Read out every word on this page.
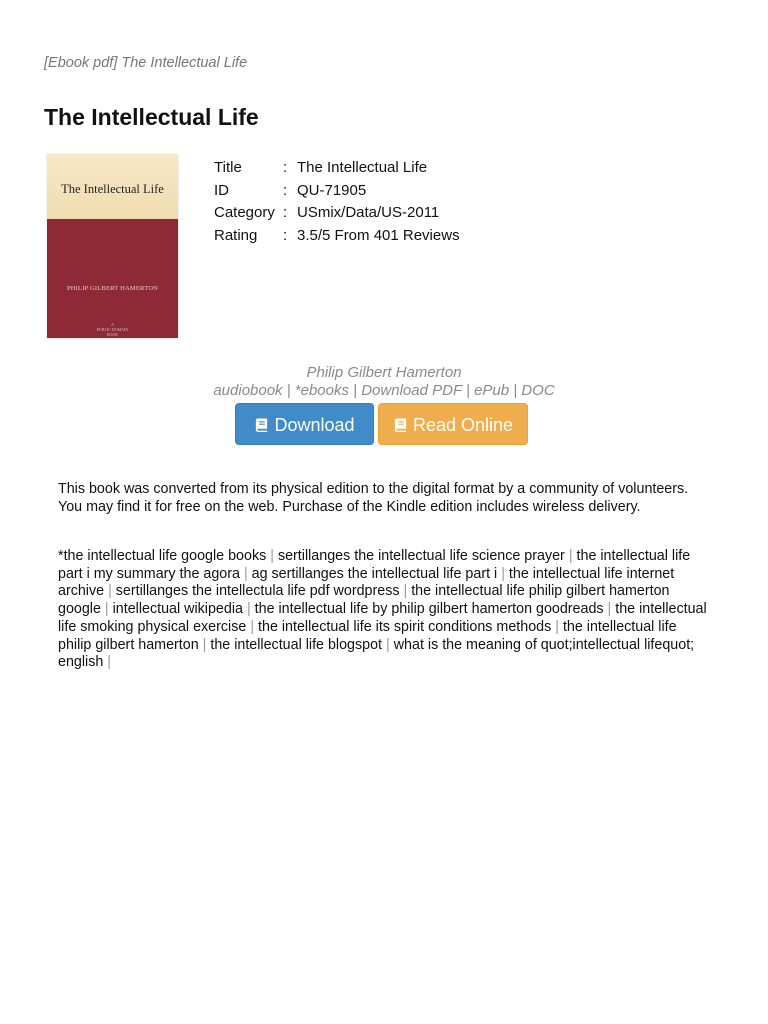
[Ebook pdf] The Intellectual Life
The Intellectual Life
The Intellectual Life
PHILIP GILBERT HAMERTON
A
PUBLIC DOMAIN
BOOK
Title	:	The Intellectual Life
ID	:	QU-71905
Category	:	USmix/Data/US-2011
Rating	:	3.5/5 From 401 Reviews
Philip Gilbert Hamerton
audiobook | *ebooks | Download PDF | ePub | DOC
Download	Read Online

This book was converted from its physical edition to the digital format by a community of volunteers. You may find it for free on the web. Purchase of the Kindle edition includes wireless delivery.

*the intellectual life google books | sertillanges the intellectual life science prayer | the intellectual life part i my summary the agora | ag sertillanges the intellectual life part i | the intellectual life internet archive | sertillanges the intellectula life pdf wordpress | the intellectual life philip gilbert hamerton google | intellectual wikipedia | the intellectual life by philip gilbert hamerton goodreads | the intellectual life smoking physical exercise | the intellectual life its spirit conditions methods | the intellectual life philip gilbert hamerton | the intellectual life blogspot | what is the meaning of quot;intellectual lifequot; english |
